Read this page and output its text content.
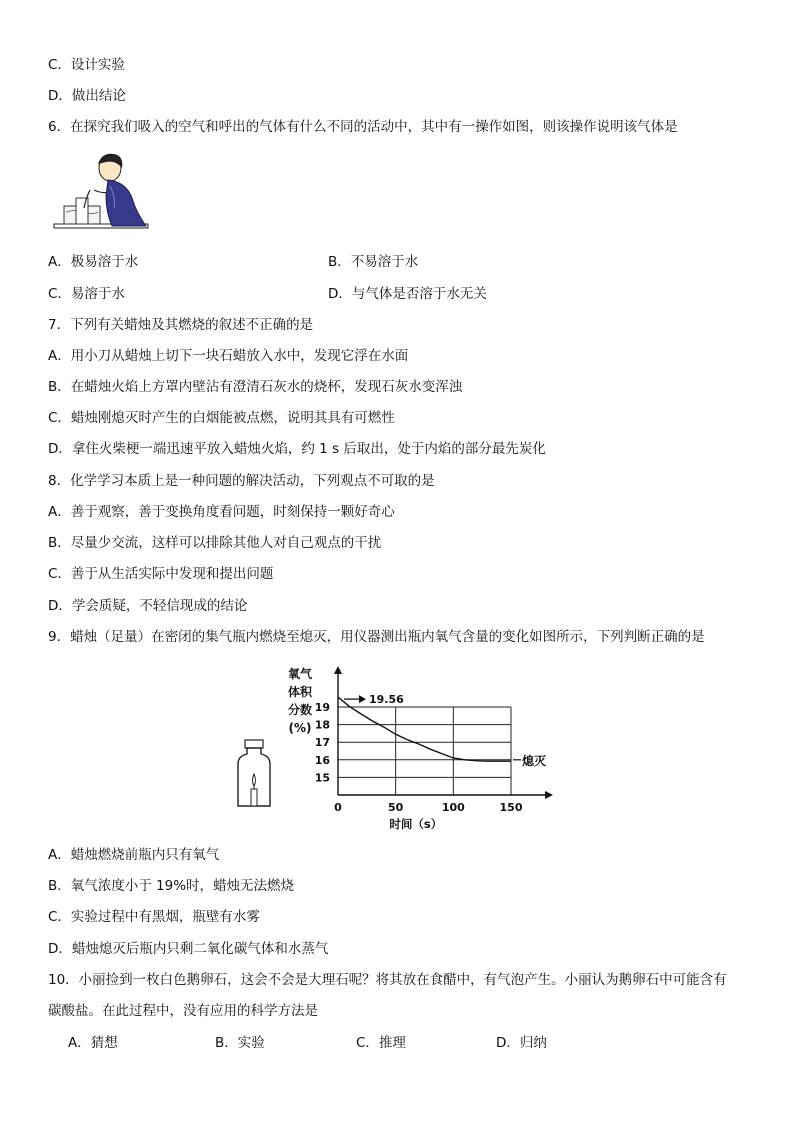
C．设计实验
D．做出结论
6．在探究我们吸入的空气和呼出的气体有什么不同的活动中，其中有一操作如图，则该操作说明该气体是
A．极易溶于水	B．不易溶于水
C．易溶于水	D．与气体是否溶于水无关
7．下列有关蜡烛及其燃烧的叙述不正确的是
A．用小刀从蜡烛上切下一块石蜡放入水中，发现它浮在水面
B．在蜡烛火焰上方罩内壁沾有澄清石灰水的烧杯，发现石灰水变浑浊
C．蜡烛刚熄灭时产生的白烟能被点燃，说明其具有可燃性
D．拿住火柴梗一端迅速平放入蜡烛火焰，约 1 s 后取出，处于内焰的部分最先炭化
8．化学学习本质上是一种问题的解决活动，下列观点不可取的是
A．善于观察，善于变换角度看问题，时刻保持一颗好奇心
B．尽量少交流，这样可以排除其他人对自己观点的干扰
C．善于从生活实际中发现和提出问题
D．学会质疑，不轻信现成的结论
9．蜡烛（足量）在密闭的集气瓶内燃烧至熄灭，用仪器测出瓶内氧气含量的变化如图所示，下列判断正确的是
0	50	100	150
15
16
17
18
19
氧气
体积
分数
(%)
时间（s）
19.56
熄灭
A．蜡烛燃烧前瓶内只有氧气
B．氧气浓度小于 19%时，蜡烛无法燃烧
C．实验过程中有黑烟，瓶壁有水雾
D．蜡烛熄灭后瓶内只剩二氧化碳气体和水蒸气
10．小丽捡到一枚白色鹅卵石，这会不会是大理石呢？将其放在食醋中，有气泡产生。小丽认为鹅卵石中可能含有
碳酸盐。在此过程中，没有应用的科学方法是
A．猜想	B．实验	C．推理	D．归纳
